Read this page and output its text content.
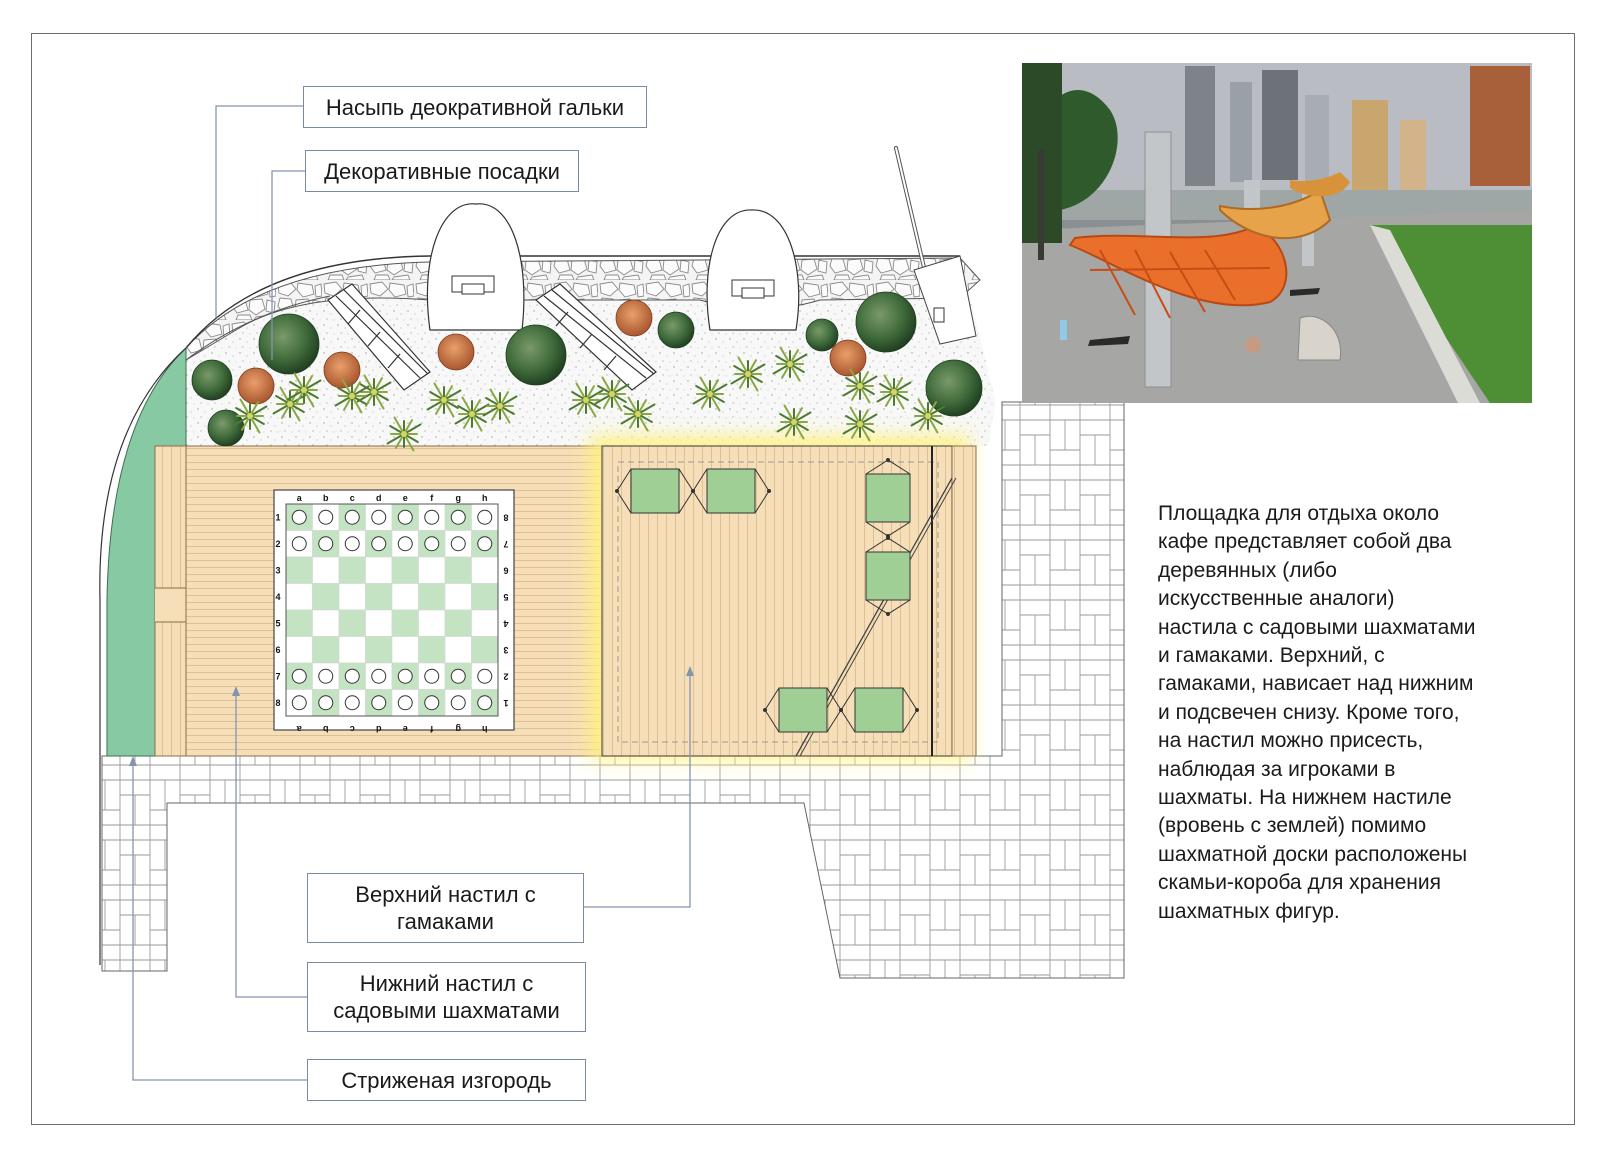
a
a
b
b
c
c
d
d
e
e
f
f
g
g
h
h
1	8
2	7
3	6
4	5
5	4
6	3
7	2
8	1
Насыпь деокративной гальки
Декоративные посадки
Верхний настил с
гамаками
Нижний настил с
садовыми шахматами
Стриженая изгородь

Площадка для отдыха около
кафе представляет собой два
деревянных (либо
искусственные аналоги)
настила с садовыми шахматами
и гамаками. Верхний, с
гамаками, нависает над нижним
и подсвечен снизу. Кроме того,
на настил можно присесть,
наблюдая за игроками в
шахматы. На нижнем настиле
(вровень с землей) помимо
шахматной доски расположены
скамьи-короба для хранения
шахматных фигур.
